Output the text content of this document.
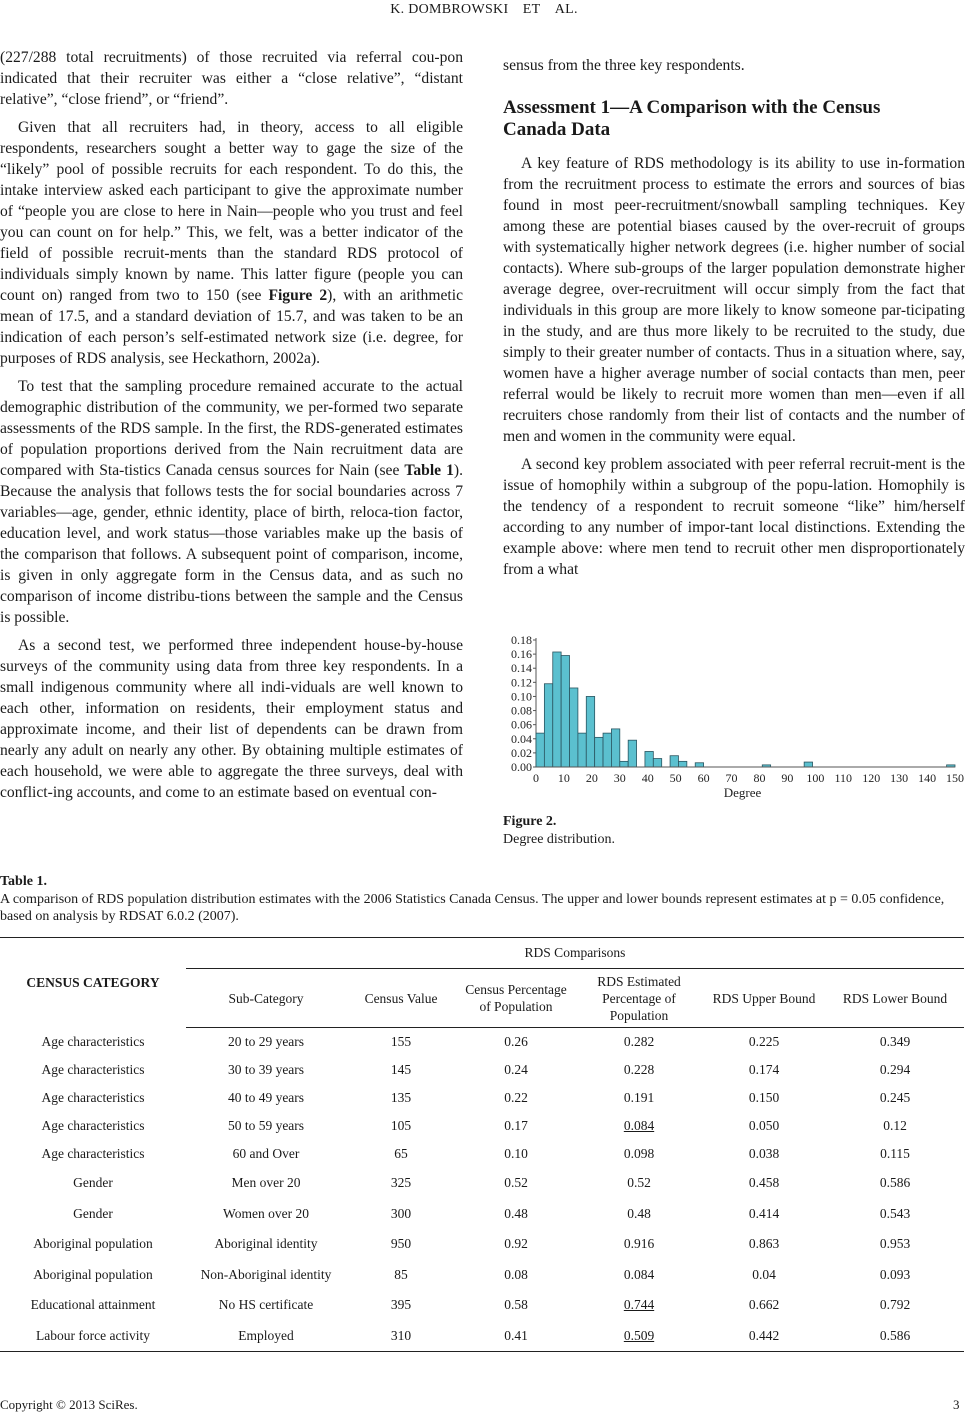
K. DOMBROWSKI ET AL.

(227/288 total recruitments) of those recruited via referral cou-pon indicated that their recruiter was either a “close relative”, “distant relative”, “close friend”, or “friend”.

Given that all recruiters had, in theory, access to all eligible respondents, researchers sought a better way to gage the size of the “likely” pool of possible recruits for each respondent. To do this, the intake interview asked each participant to give the approximate number of “people you are close to here in Nain—people who you trust and feel you can count on for help.” This, we felt, was a better indicator of the field of possible recruit-ments than the standard RDS protocol of individuals simply known by name. This latter figure (people you can count on) ranged from two to 150 (see Figure 2), with an arithmetic mean of 17.5, and a standard deviation of 15.7, and was taken to be an indication of each person’s self-estimated network size (i.e. degree, for purposes of RDS analysis, see Heckathorn, 2002a).

To test that the sampling procedure remained accurate to the actual demographic distribution of the community, we per-formed two separate assessments of the RDS sample. In the first, the RDS-generated estimates of population proportions derived from the Nain recruitment data are compared with Sta-tistics Canada census sources for Nain (see Table 1). Because the analysis that follows tests the for social boundaries across 7 variables—age, gender, ethnic identity, place of birth, reloca-tion factor, education level, and work status—those variables make up the basis of the comparison that follows. A subsequent point of comparison, income, is given in only aggregate form in the Census data, and as such no comparison of income distribu-tions between the sample and the Census is possible.

As a second test, we performed three independent house-by-house surveys of the community using data from three key respondents. In a small indigenous community where all indi-viduals are well known to each other, information on residents, their employment status and approximate income, and their list of dependents can be drawn from nearly any adult on nearly any other. By obtaining multiple estimates of each household, we were able to aggregate the three surveys, deal with conflict-ing accounts, and come to an estimate based on eventual con-

sensus from the three key respondents.

Assessment 1—A Comparison with the Census Canada Data

A key feature of RDS methodology is its ability to use in-formation from the recruitment process to estimate the errors and sources of bias found in most peer-recruitment/snowball sampling techniques. Key among these are potential biases caused by the over-recruit of groups with systematically higher network degrees (i.e. higher number of social contacts). Where sub-groups of the larger population demonstrate higher average degree, over-recruitment will occur simply from the fact that individuals in this group are more likely to know someone par-ticipating in the study, and are thus more likely to be recruited to the study, due simply to their greater number of contacts. Thus in a situation where, say, women have a higher average number of social contacts than men, peer referral would be likely to recruit more women than men—even if all recruiters chose randomly from their list of contacts and the number of men and women in the community were equal.

A second key problem associated with peer referral recruit-ment is the issue of homophily within a subgroup of the popu-lation. Homophily is the tendency of a respondent to recruit someone “like” him/herself according to any number of impor-tant local distinctions. Extending the example above: where men tend to recruit other men disproportionately from a what

0.00
0.02
0.04
0.06
0.08
0.10
0.12
0.14
0.16
0.18
0 10 20 30 40 50 60 70 80 90 100 110 120 130 140 150
Degree
Figure 2.
Degree distribution.
Table 1.
A comparison of RDS population distribution estimates with the 2006 Statistics Canada Census. The upper and lower bounds represent estimates at p = 0.05 confidence, based on analysis by RDSAT 6.0.2 (2007).
CENSUS CATEGORY	RDS Comparisons					
	Sub-Category	Census Value	Census Percentage of Population	RDS Estimated Percentage of Population	RDS Upper Bound	RDS Lower Bound
Age characteristics	20 to 29 years	155	0.26	0.282	0.225	0.349
Age characteristics	30 to 39 years	145	0.24	0.228	0.174	0.294
Age characteristics	40 to 49 years	135	0.22	0.191	0.150	0.245
Age characteristics	50 to 59 years	105	0.17	0.084	0.050	0.12
Age characteristics	60 and Over	65	0.10	0.098	0.038	0.115
Gender	Men over 20	325	0.52	0.52	0.458	0.586
Gender	Women over 20	300	0.48	0.48	0.414	0.543
Aboriginal population	Aboriginal identity	950	0.92	0.916	0.863	0.953
Aboriginal population	Non-Aboriginal identity	85	0.08	0.084	0.04	0.093
Educational attainment	No HS certificate	395	0.58	0.744	0.662	0.792
Labour force activity	Employed	310	0.41	0.509	0.442	0.586
Copyright © 2013 SciRes.	3
